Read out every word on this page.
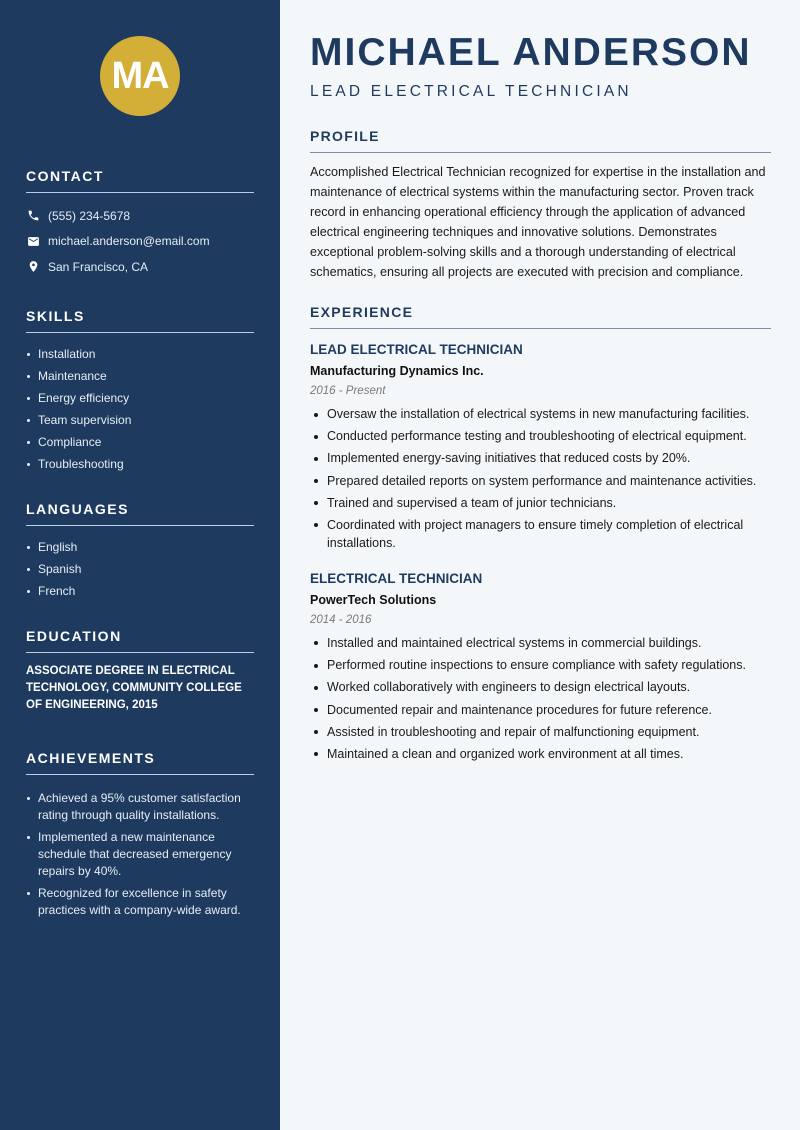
MA
CONTACT
(555) 234-5678
michael.anderson@email.com
San Francisco, CA
SKILLS
Installation
Maintenance
Energy efficiency
Team supervision
Compliance
Troubleshooting
LANGUAGES
English
Spanish
French
EDUCATION

ASSOCIATE DEGREE IN ELECTRICAL TECHNOLOGY, COMMUNITY COLLEGE OF ENGINEERING, 2015

ACHIEVEMENTS
Achieved a 95% customer satisfaction rating through quality installations.
Implemented a new maintenance schedule that decreased emergency repairs by 40%.
Recognized for excellence in safety practices with a company-wide award.
MICHAEL ANDERSON
LEAD ELECTRICAL TECHNICIAN
PROFILE

Accomplished Electrical Technician recognized for expertise in the installation and maintenance of electrical systems within the manufacturing sector. Proven track record in enhancing operational efficiency through the application of advanced electrical engineering techniques and innovative solutions. Demonstrates exceptional problem-solving skills and a thorough understanding of electrical schematics, ensuring all projects are executed with precision and compliance.

EXPERIENCE
LEAD ELECTRICAL TECHNICIAN
Manufacturing Dynamics Inc.
2016 - Present
Oversaw the installation of electrical systems in new manufacturing facilities.
Conducted performance testing and troubleshooting of electrical equipment.
Implemented energy-saving initiatives that reduced costs by 20%.
Prepared detailed reports on system performance and maintenance activities.
Trained and supervised a team of junior technicians.
Coordinated with project managers to ensure timely completion of electrical installations.
ELECTRICAL TECHNICIAN
PowerTech Solutions
2014 - 2016
Installed and maintained electrical systems in commercial buildings.
Performed routine inspections to ensure compliance with safety regulations.
Worked collaboratively with engineers to design electrical layouts.
Documented repair and maintenance procedures for future reference.
Assisted in troubleshooting and repair of malfunctioning equipment.
Maintained a clean and organized work environment at all times.
